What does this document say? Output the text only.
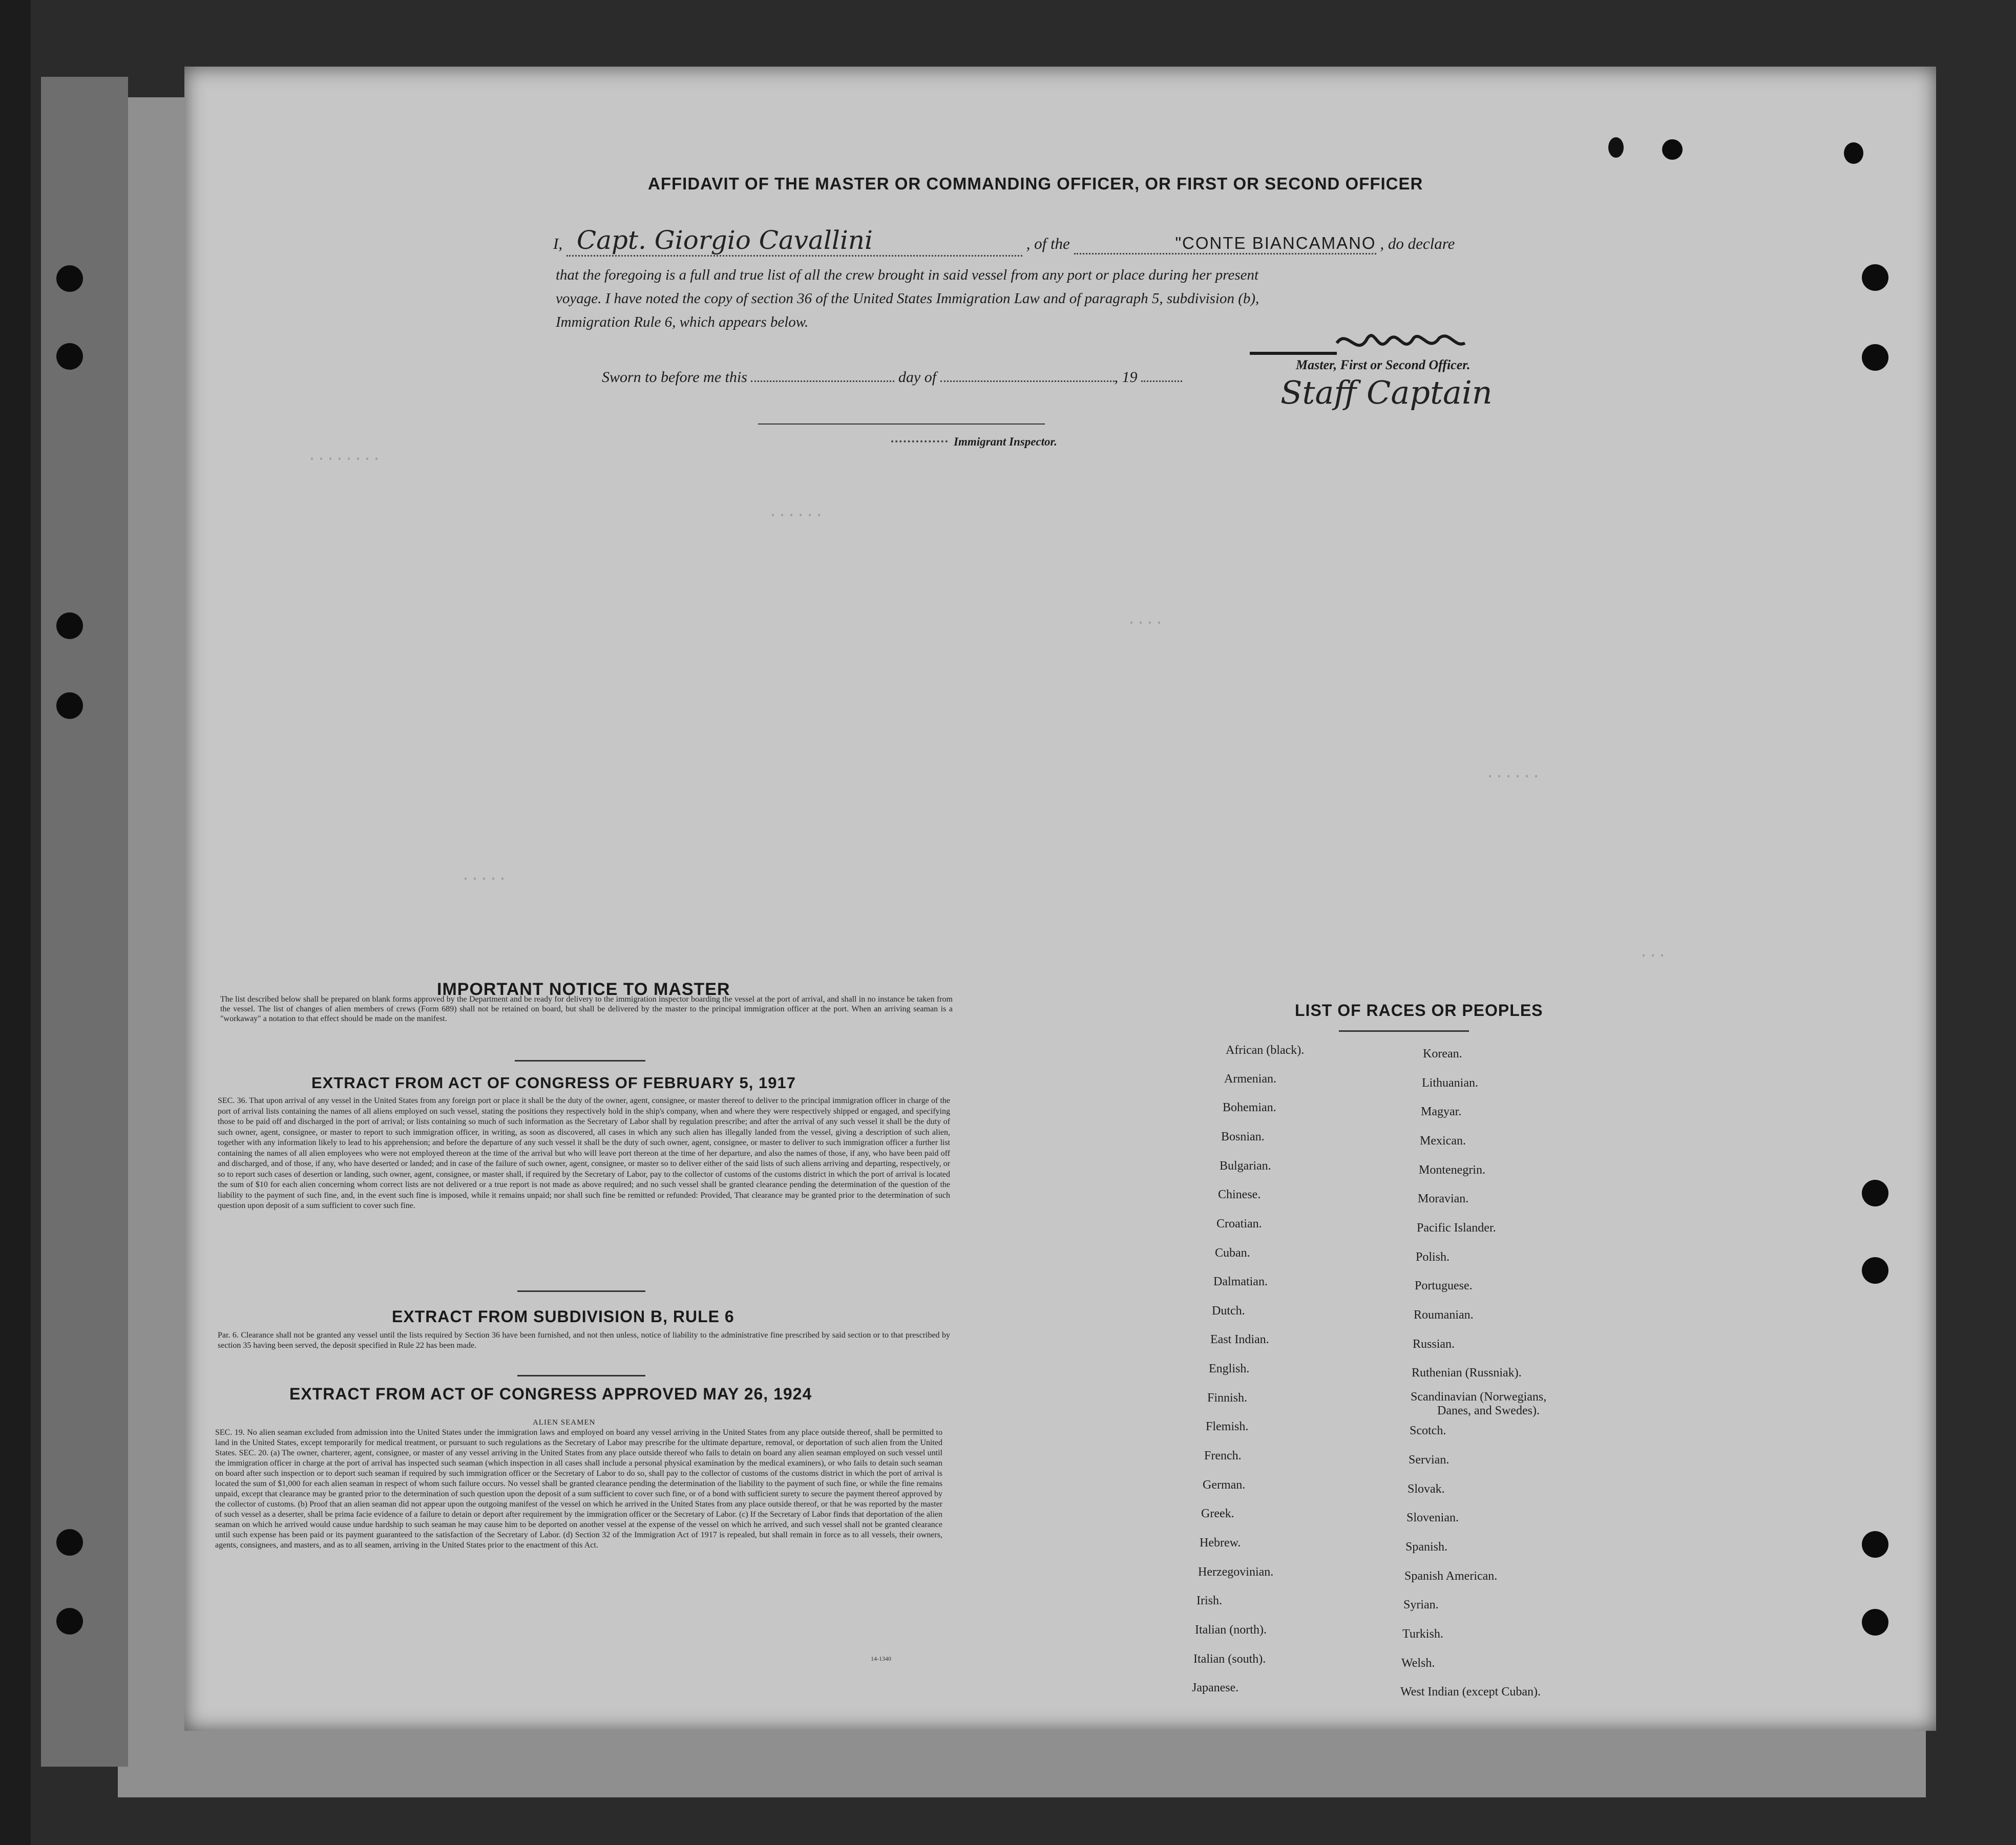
········
······
····
······
·····
···
AFFIDAVIT OF THE MASTER OR COMMANDING OFFICER, OR FIRST OR SECOND OFFICER
I, Capt. Giorgio Cavallini	, of the	"CONTE BIANCAMANO , do declare
that the foregoing is a full and true list of all the crew brought in said vessel from any port or place during her present
voyage. I have noted the copy of section 36 of the United States Immigration Law and of paragraph 5, subdivision (b),
Immigration Rule 6, which appears below.
Master, First or Second Officer.
Staff Captain
Sworn to before me this	day of	, 19
Immigrant Inspector.
IMPORTANT NOTICE TO MASTER
The list described below shall be prepared on blank forms approved by the Department and be ready for delivery to the immigration inspector boarding the vessel at the port of arrival, and shall in no instance be taken from the vessel. The list of changes of alien members of crews (Form 689) shall not be retained on board, but shall be delivered by the master to the principal immigration officer at the port. When an arriving seaman is a "workaway" a notation to that effect should be made on the manifest.
EXTRACT FROM ACT OF CONGRESS OF FEBRUARY 5, 1917
SEC. 36. That upon arrival of any vessel in the United States from any foreign port or place it shall be the duty of the owner, agent, consignee, or master thereof to deliver to the principal immigration officer in charge of the port of arrival lists containing the names of all aliens employed on such vessel, stating the positions they respectively hold in the ship's company, when and where they were respectively shipped or engaged, and specifying those to be paid off and discharged in the port of arrival; or lists containing so much of such information as the Secretary of Labor shall by regulation prescribe; and after the arrival of any such vessel it shall be the duty of such owner, agent, consignee, or master to report to such immigration officer, in writing, as soon as discovered, all cases in which any such alien has illegally landed from the vessel, giving a description of such alien, together with any information likely to lead to his apprehension; and before the departure of any such vessel it shall be the duty of such owner, agent, consignee, or master to deliver to such immigration officer a further list containing the names of all alien employees who were not employed thereon at the time of the arrival but who will leave port thereon at the time of her departure, and also the names of those, if any, who have been paid off and discharged, and of those, if any, who have deserted or landed; and in case of the failure of such owner, agent, consignee, or master so to deliver either of the said lists of such aliens arriving and departing, respectively, or so to report such cases of desertion or landing, such owner, agent, consignee, or master shall, if required by the Secretary of Labor, pay to the collector of customs of the customs district in which the port of arrival is located the sum of $10 for each alien concerning whom correct lists are not delivered or a true report is not made as above required; and no such vessel shall be granted clearance pending the determination of the question of the liability to the payment of such fine, and, in the event such fine is imposed, while it remains unpaid; nor shall such fine be remitted or refunded: Provided, That clearance may be granted prior to the determination of such question upon deposit of a sum sufficient to cover such fine.
EXTRACT FROM SUBDIVISION B, RULE 6
Par. 6. Clearance shall not be granted any vessel until the lists required by Section 36 have been furnished, and not then unless, notice of liability to the administrative fine prescribed by said section or to that prescribed by section 35 having been served, the deposit specified in Rule 22 has been made.
EXTRACT FROM ACT OF CONGRESS APPROVED MAY 26, 1924
ALIEN SEAMEN
SEC. 19. No alien seaman excluded from admission into the United States under the immigration laws and employed on board any vessel arriving in the United States from any place outside thereof, shall be permitted to land in the United States, except temporarily for medical treatment, or pursuant to such regulations as the Secretary of Labor may prescribe for the ultimate departure, removal, or deportation of such alien from the United States. SEC. 20. (a) The owner, charterer, agent, consignee, or master of any vessel arriving in the United States from any place outside thereof who fails to detain on board any alien seaman employed on such vessel until the immigration officer in charge at the port of arrival has inspected such seaman (which inspection in all cases shall include a personal physical examination by the medical examiners), or who fails to detain such seaman on board after such inspection or to deport such seaman if required by such immigration officer or the Secretary of Labor to do so, shall pay to the collector of customs of the customs district in which the port of arrival is located the sum of $1,000 for each alien seaman in respect of whom such failure occurs. No vessel shall be granted clearance pending the determination of the liability to the payment of such fine, or while the fine remains unpaid, except that clearance may be granted prior to the determination of such question upon the deposit of a sum sufficient to cover such fine, or of a bond with sufficient surety to secure the payment thereof approved by the collector of customs. (b) Proof that an alien seaman did not appear upon the outgoing manifest of the vessel on which he arrived in the United States from any place outside thereof, or that he was reported by the master of such vessel as a deserter, shall be prima facie evidence of a failure to detain or deport after requirement by the immigration officer or the Secretary of Labor. (c) If the Secretary of Labor finds that deportation of the alien seaman on which he arrived would cause undue hardship to such seaman he may cause him to be deported on another vessel at the expense of the vessel on which he arrived, and such vessel shall not be granted clearance until such expense has been paid or its payment guaranteed to the satisfaction of the Secretary of Labor. (d) Section 32 of the Immigration Act of 1917 is repealed, but shall remain in force as to all vessels, their owners, agents, consignees, and masters, and as to all seamen, arriving in the United States prior to the enactment of this Act.
14-1340
LIST OF RACES OR PEOPLES
African (black).
Armenian.
Bohemian.
Bosnian.
Bulgarian.
Chinese.
Croatian.
Cuban.
Dalmatian.
Dutch.
East Indian.
English.
Finnish.
Flemish.
French.
German.
Greek.
Hebrew.
Herzegovinian.
Irish.
Italian (north).
Italian (south).
Japanese.
Korean.
Lithuanian.
Magyar.
Mexican.
Montenegrin.
Moravian.
Pacific Islander.
Polish.
Portuguese.
Roumanian.
Russian.
Ruthenian (Russniak).
Scandinavian (Norwegians,
Danes, and Swedes).
Scotch.
Servian.
Slovak.
Slovenian.
Spanish.
Spanish American.
Syrian.
Turkish.
Welsh.
West Indian (except Cuban).
